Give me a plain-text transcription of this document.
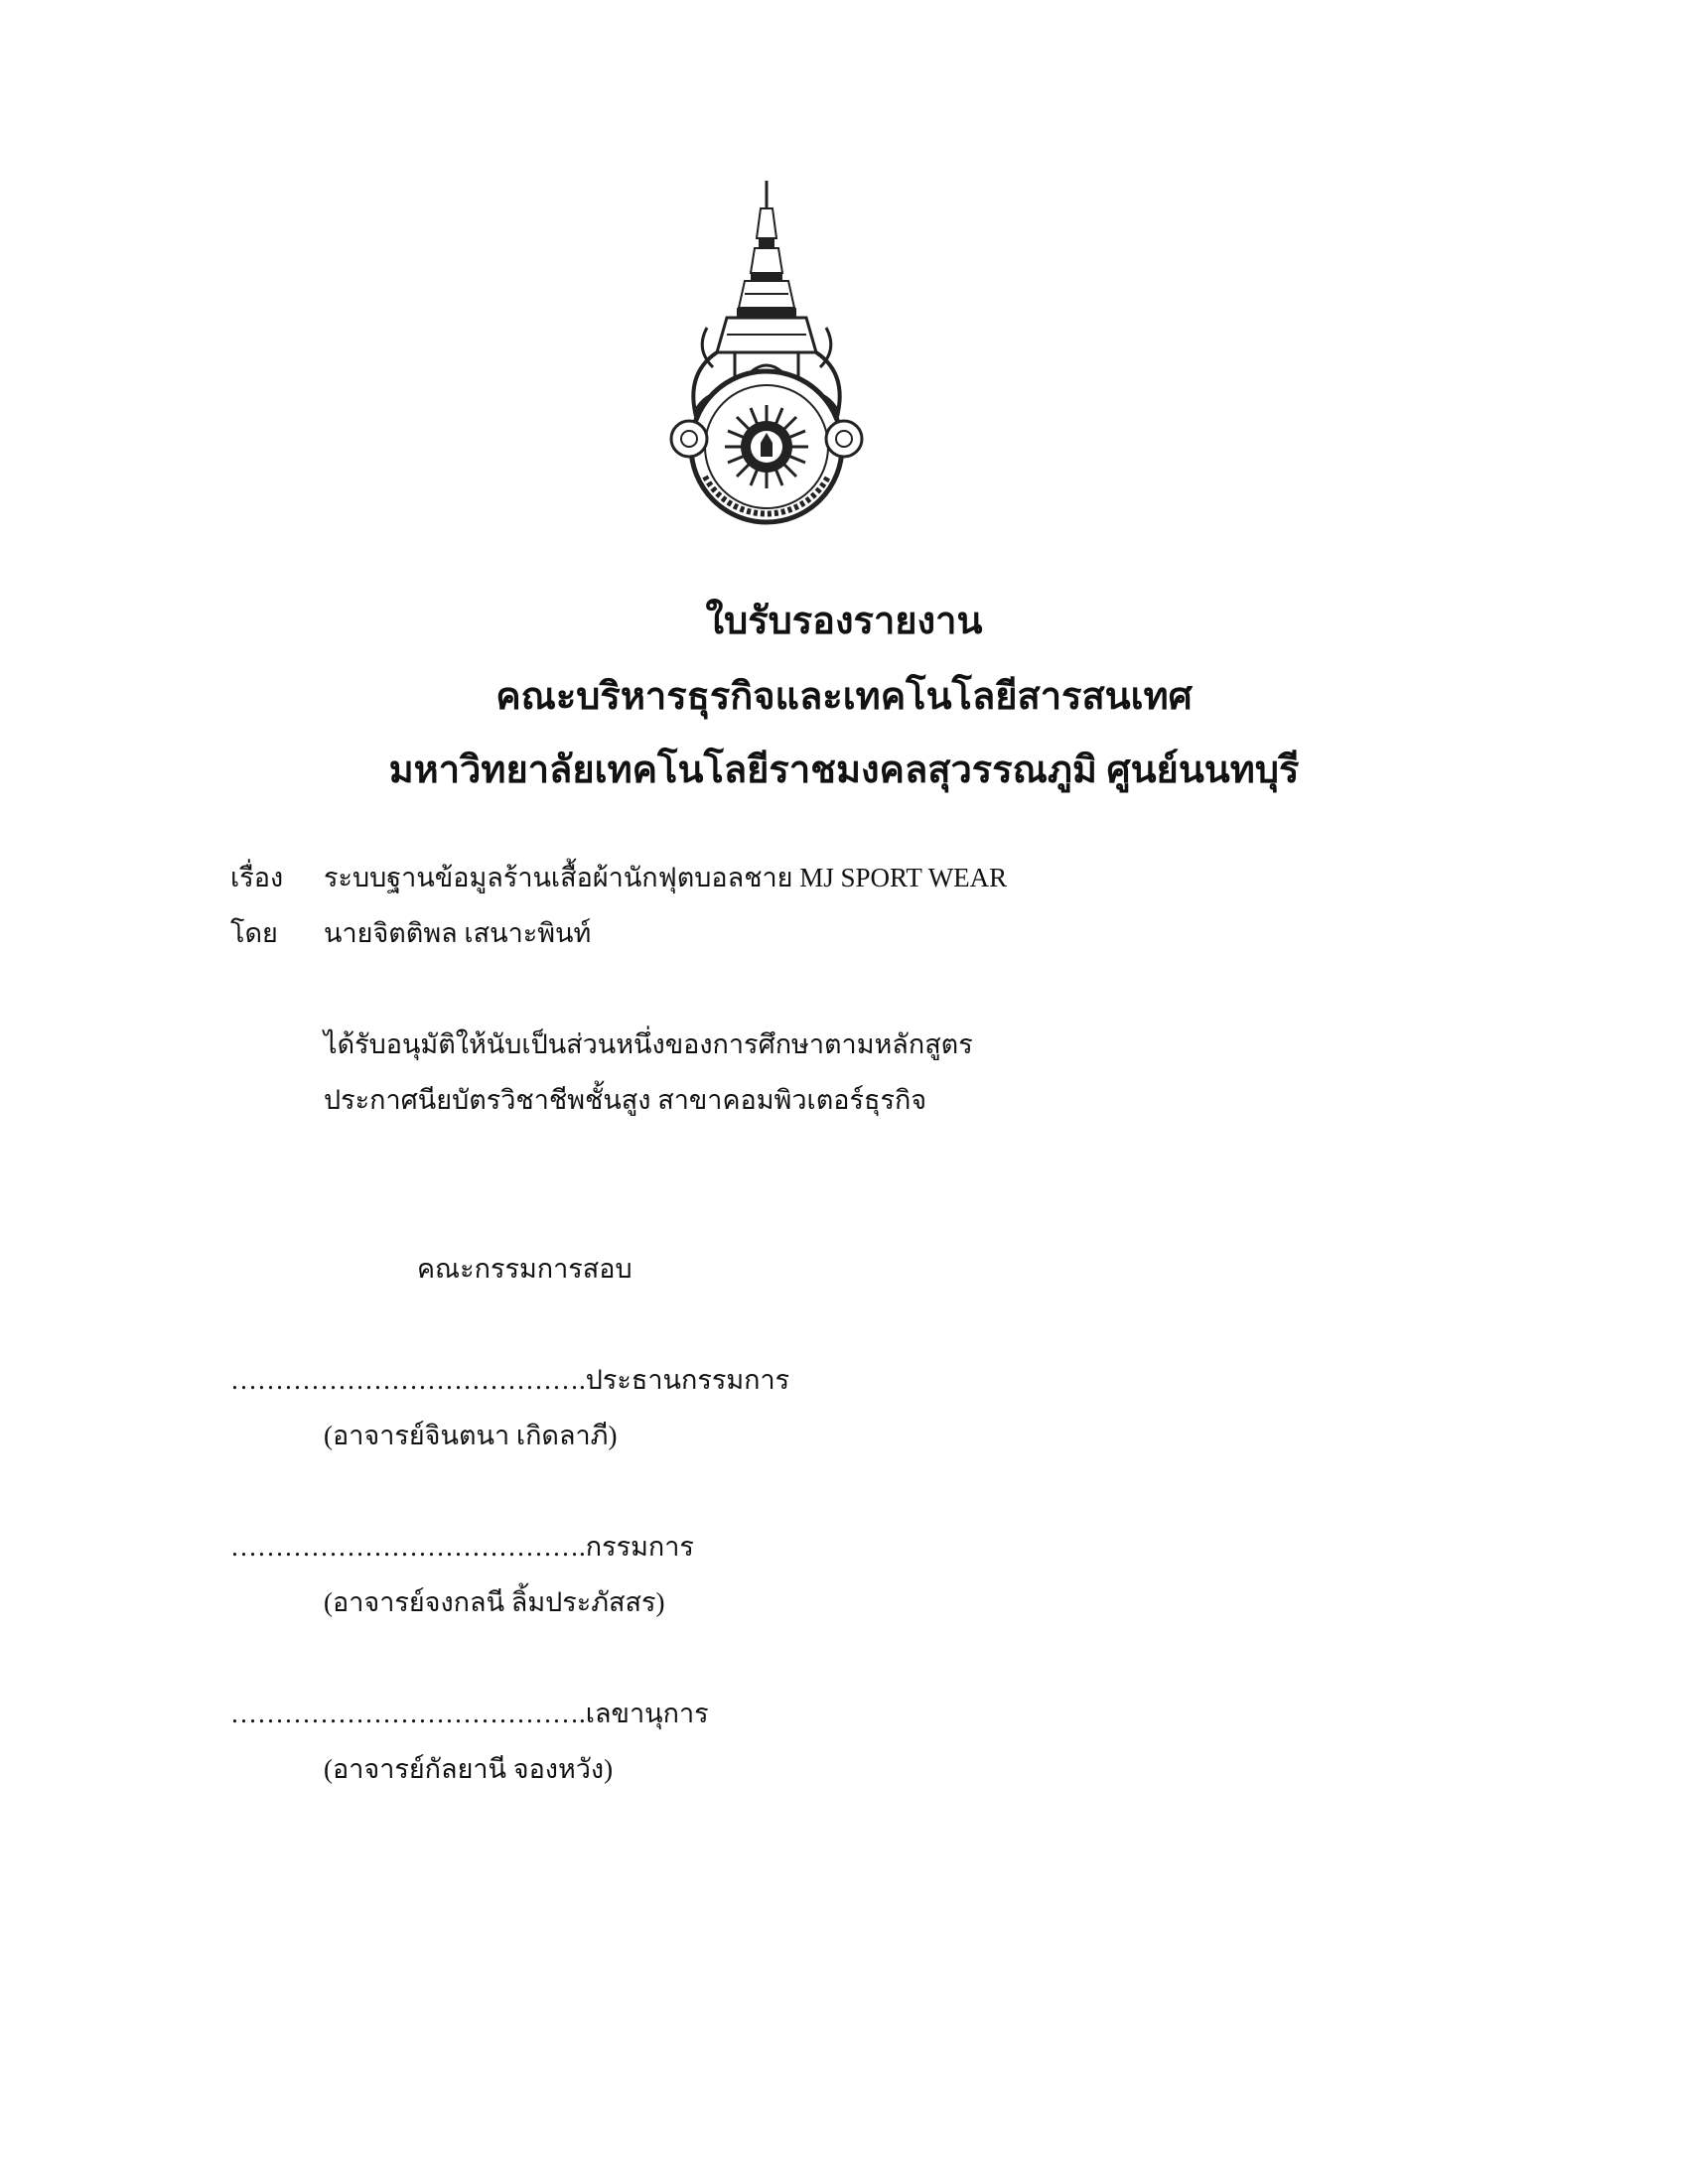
ใบรับรองรายงาน
คณะบริหารธุรกิจและเทคโนโลยีสารสนเทศ
มหาวิทยาลัยเทคโนโลยีราชมงคลสุวรรณภูมิ ศูนย์นนทบุรี
เรื่อง ระบบฐานข้อมูลร้านเสื้อผ้านักฟุตบอลชาย MJ SPORT WEAR
โดย นายจิตติพล เสนาะพินท์
ได้รับอนุมัติให้นับเป็นส่วนหนึ่งของการศึกษาตามหลักสูตร
ประกาศนียบัตรวิชาชีพชั้นสูง สาขาคอมพิวเตอร์ธุรกิจ
คณะกรรมการสอบ
………………………………….ประธานกรรมการ
(อาจารย์จินตนา เกิดลาภี)
………………………………….กรรมการ
(อาจารย์จงกลนี ลิ้มประภัสสร)
………………………………….เลขานุการ
(อาจารย์กัลยานี จองหวัง)
